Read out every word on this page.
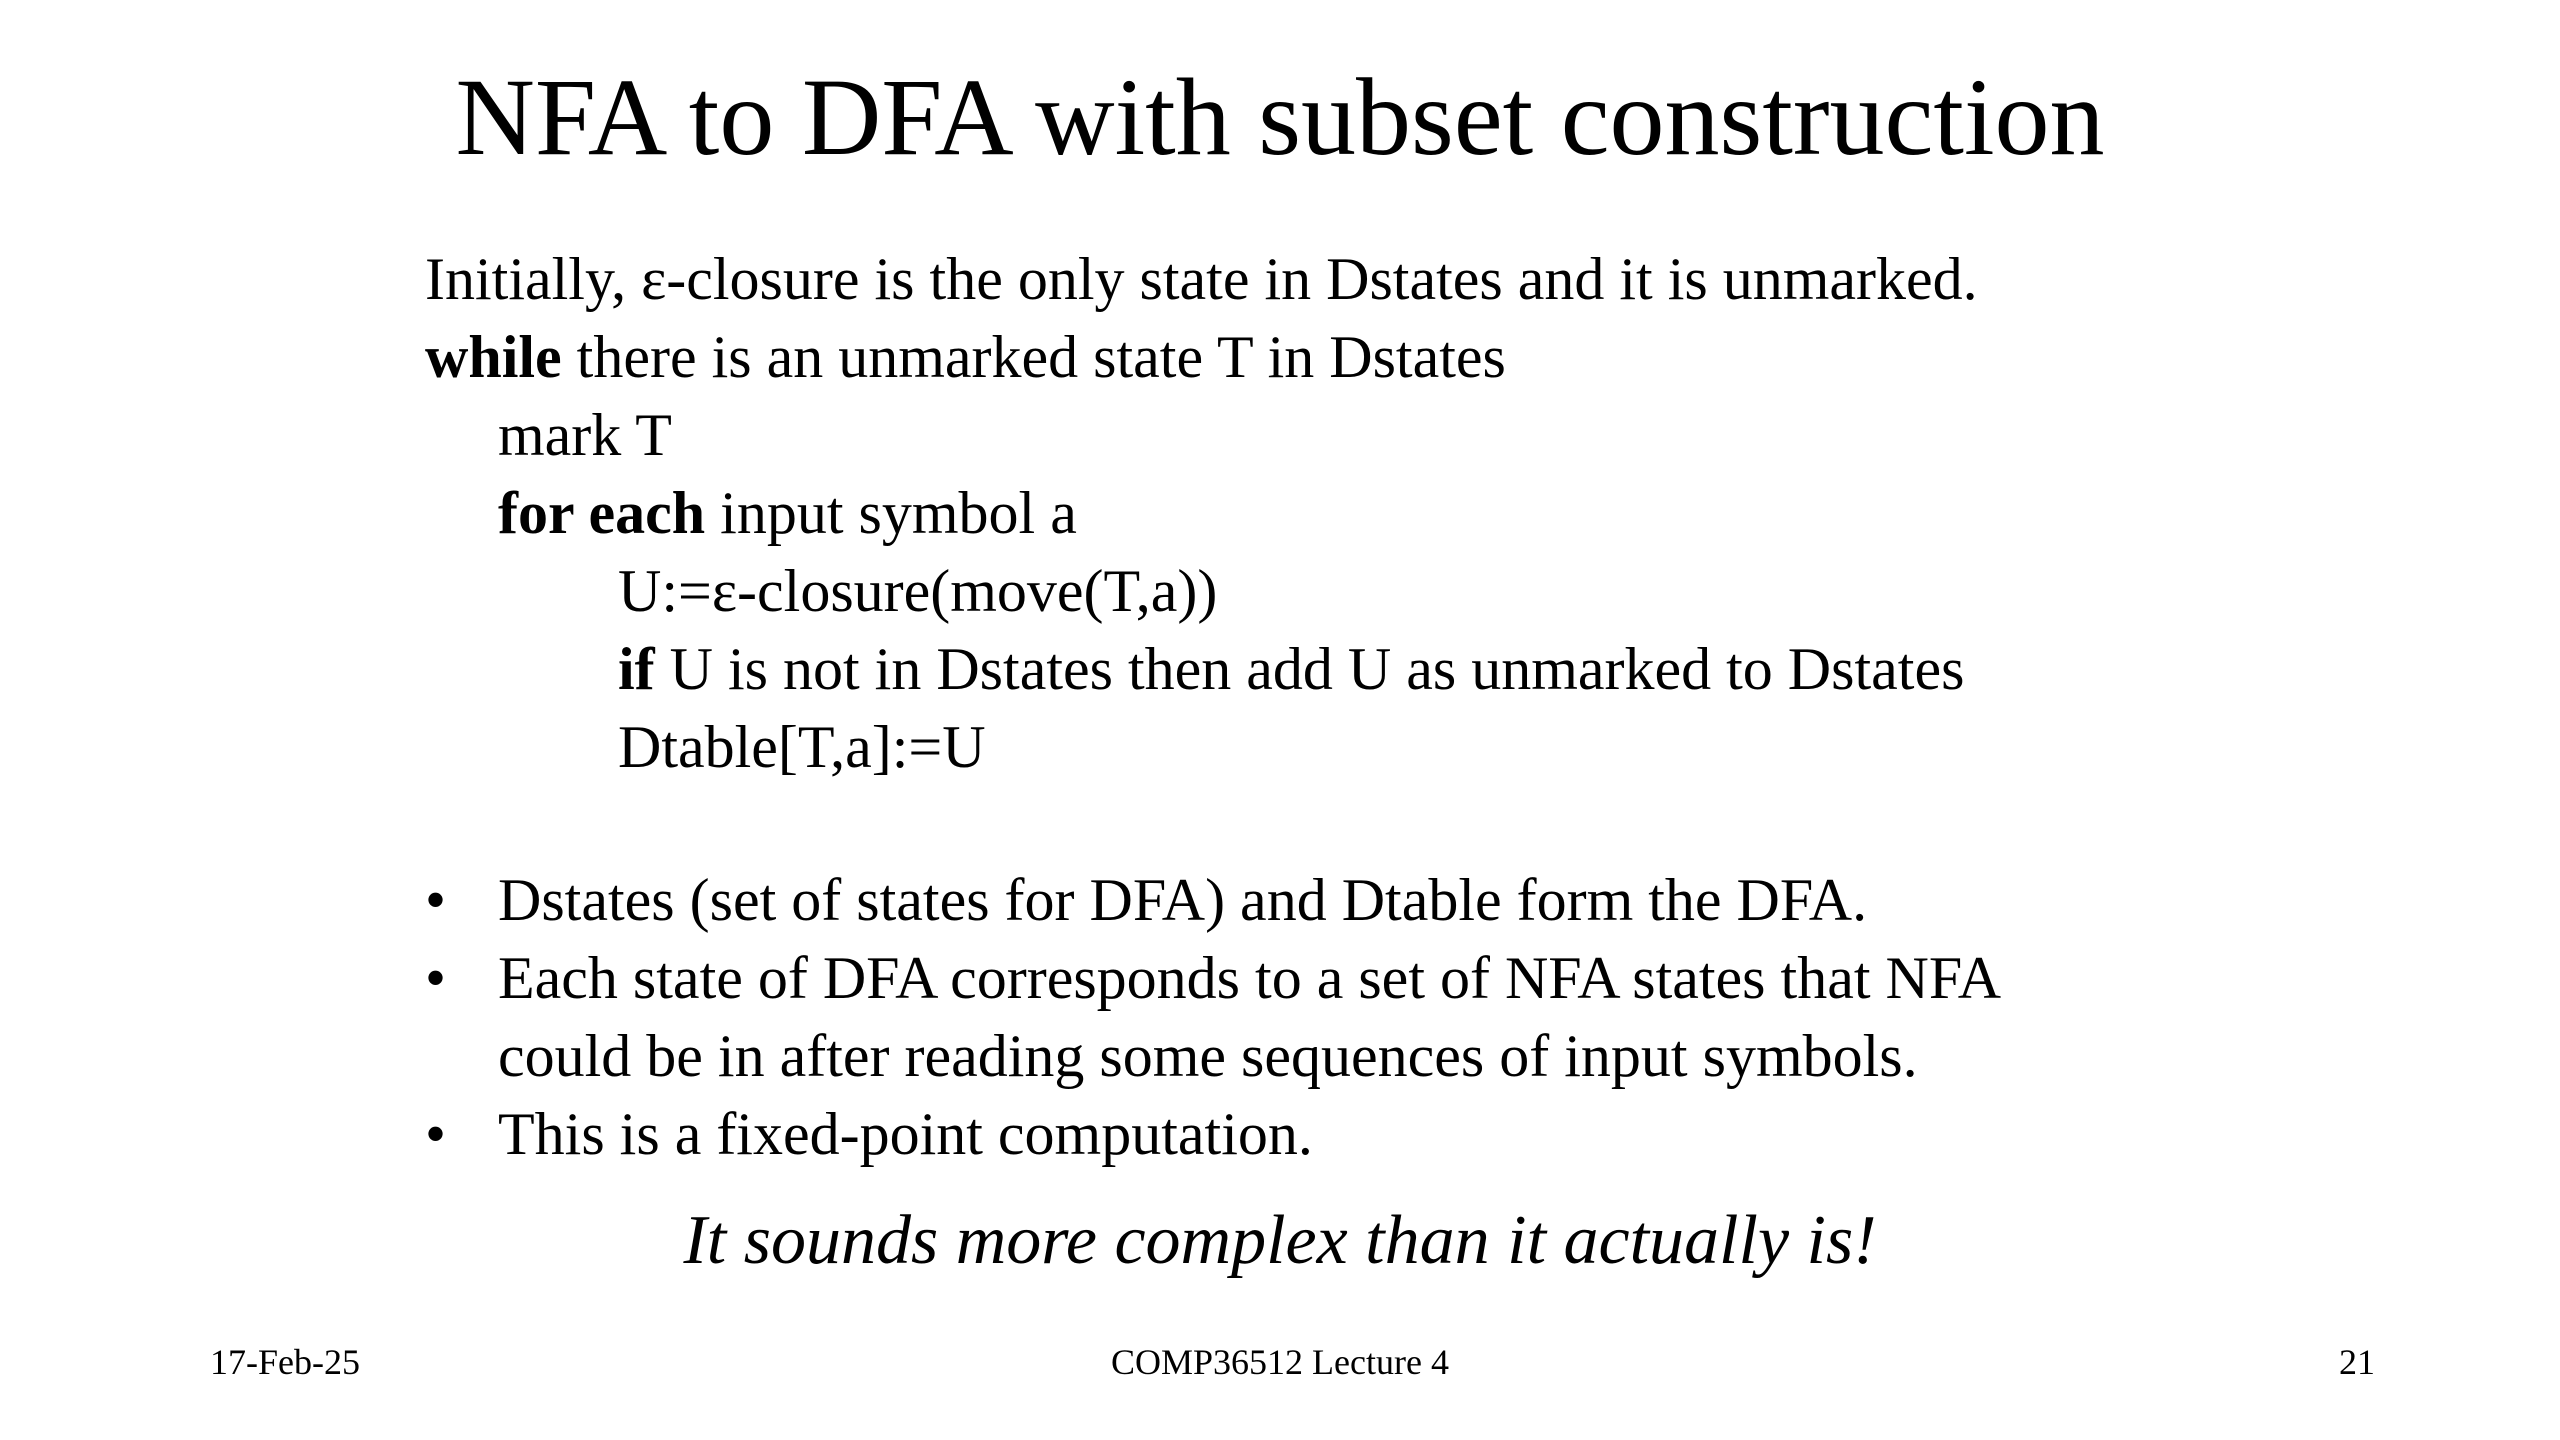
NFA to DFA with subset construction
Initially, ε-closure is the only state in Dstates and it is unmarked.
while there is an unmarked state T in Dstates
mark T
for each input symbol a
U:=ε-closure(move(T,a))
if U is not in Dstates then add U as unmarked to Dstates
Dtable[T,a]:=U
• Dstates (set of states for DFA) and Dtable form the DFA.
• Each state of DFA corresponds to a set of NFA states that NFA
could be in after reading some sequences of input symbols.
• This is a fixed-point computation.
It sounds more complex than it actually is!
17-Feb-25	COMP36512 Lecture 4	21
